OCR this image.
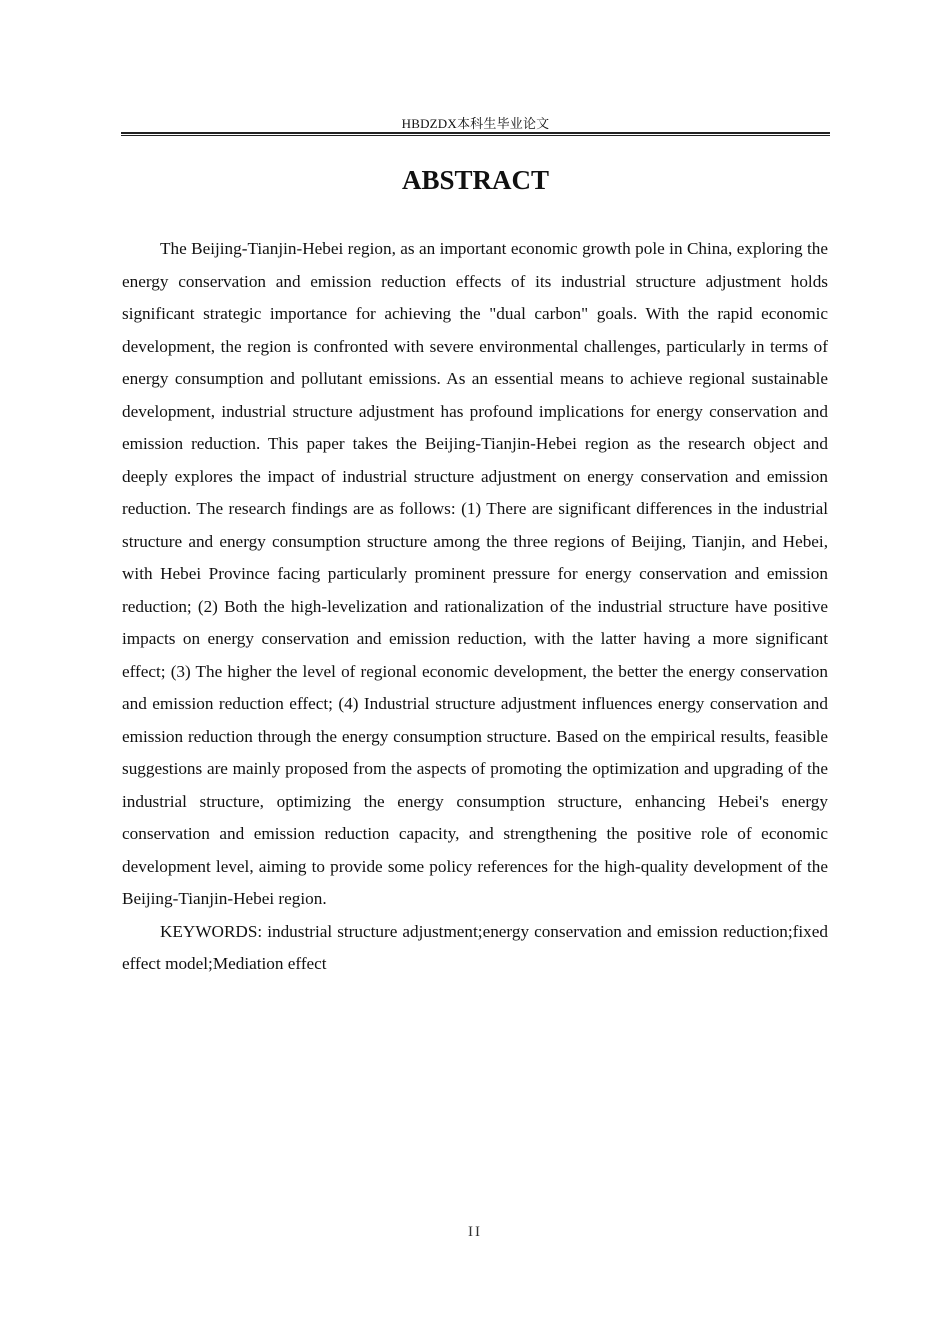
HBDZDX本科生毕业论文
ABSTRACT

The Beijing-Tianjin-Hebei region, as an important economic growth pole in China, exploring the energy conservation and emission reduction effects of its industrial structure adjustment holds significant strategic importance for achieving the "dual carbon" goals. With the rapid economic development, the region is confronted with severe environmental challenges, particularly in terms of energy consumption and pollutant emissions. As an essential means to achieve regional sustainable development, industrial structure adjustment has profound implications for energy conservation and emission reduction. This paper takes the Beijing-Tianjin-Hebei region as the research object and deeply explores the impact of industrial structure adjustment on energy conservation and emission reduction. The research findings are as follows: (1) There are significant differences in the industrial structure and energy consumption structure among the three regions of Beijing, Tianjin, and Hebei, with Hebei Province facing particularly prominent pressure for energy conservation and emission reduction; (2) Both the high-levelization and rationalization of the industrial structure have positive impacts on energy conservation and emission reduction, with the latter having a more significant effect; (3) The higher the level of regional economic development, the better the energy conservation and emission reduction effect; (4) Industrial structure adjustment influences energy conservation and emission reduction through the energy consumption structure. Based on the empirical results, feasible suggestions are mainly proposed from the aspects of promoting the optimization and upgrading of the industrial structure, optimizing the energy consumption structure, enhancing Hebei's energy conservation and emission reduction capacity, and strengthening the positive role of economic development level, aiming to provide some policy references for the high-quality development of the Beijing-Tianjin-Hebei region.

KEYWORDS: industrial structure adjustment;energy conservation and emission reduction;fixed effect model;Mediation effect

II
